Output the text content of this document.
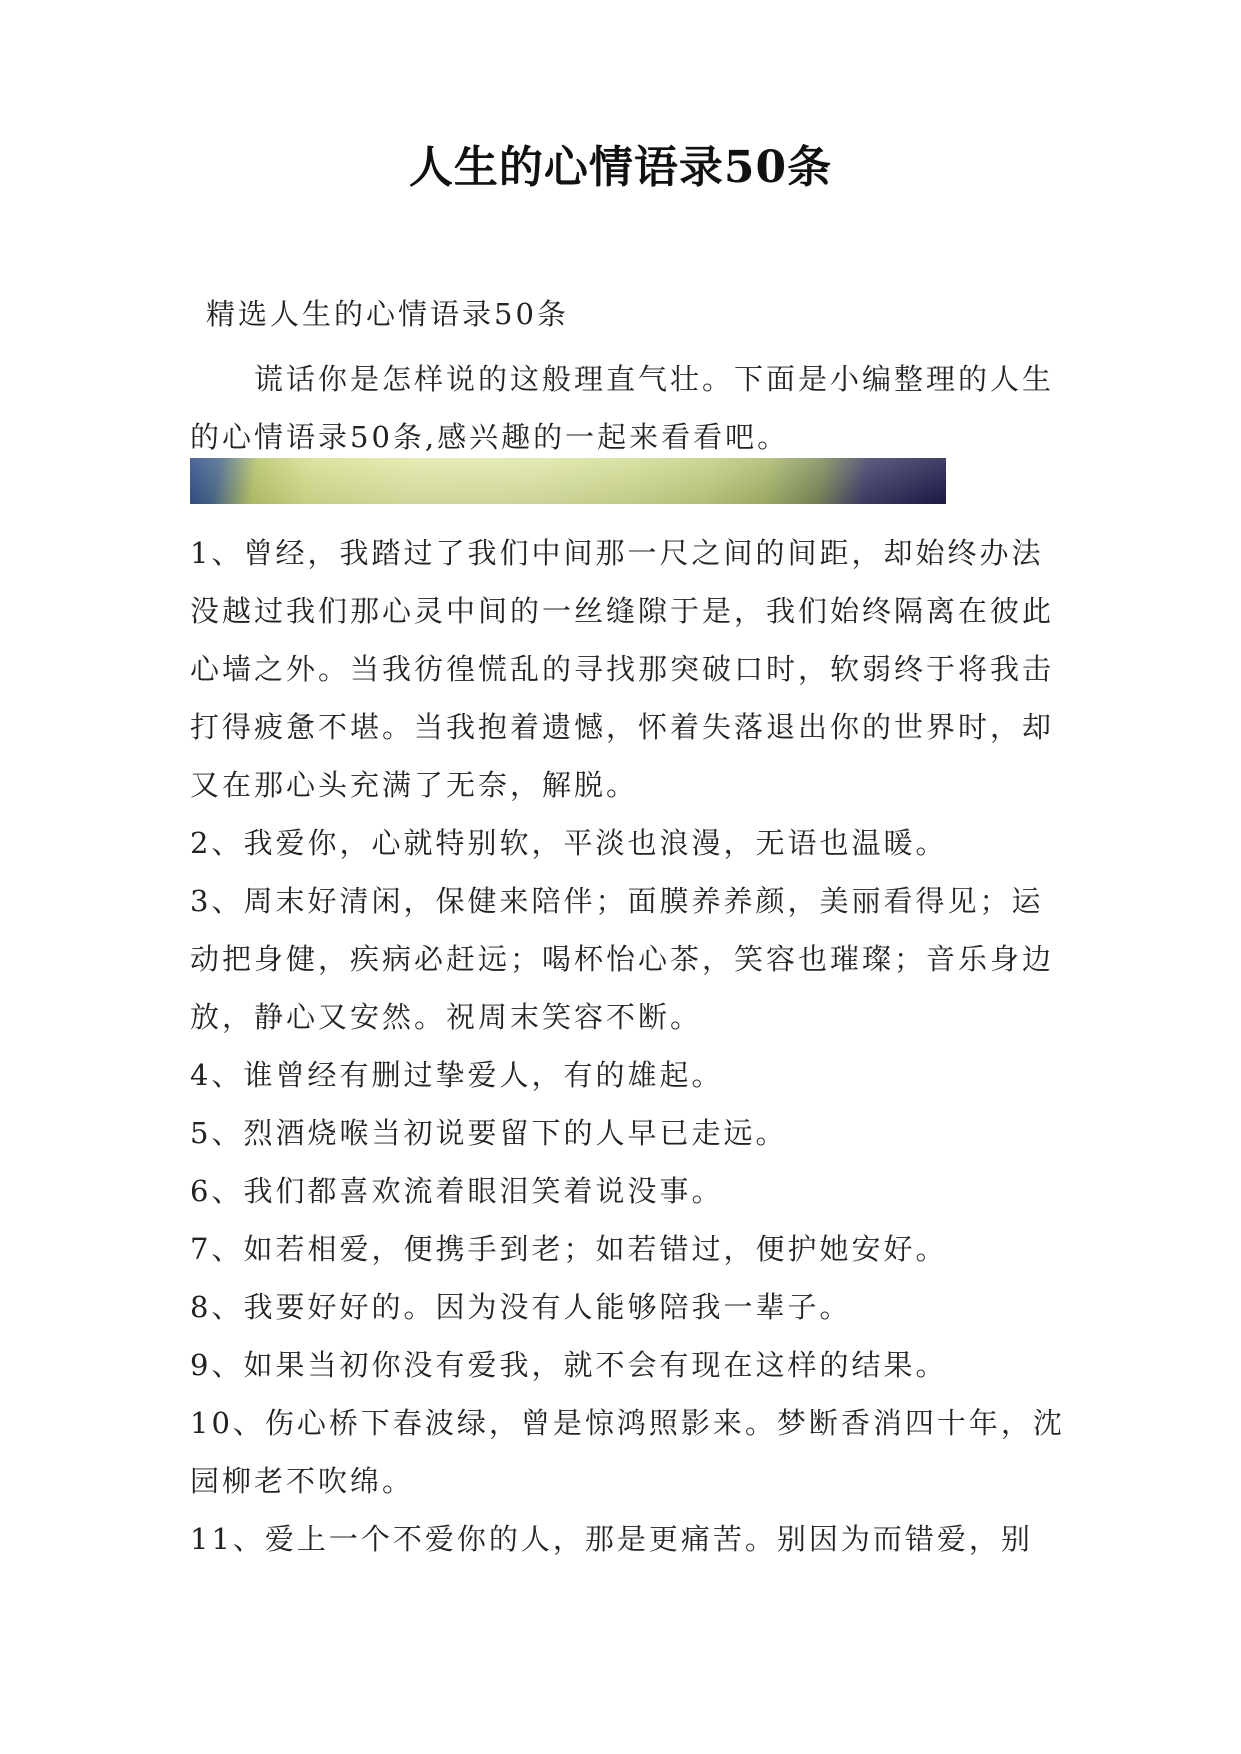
人生的心情语录50条
精选人生的心情语录50条

谎话你是怎样说的这般理直气壮。下面是小编整理的人生的心情语录50条,感兴趣的一起来看看吧。

1、曾经，我踏过了我们中间那一尺之间的间距，却始终办法没越过我们那心灵中间的一丝缝隙于是，我们始终隔离在彼此心墙之外。当我彷徨慌乱的寻找那突破口时，软弱终于将我击打得疲惫不堪。当我抱着遗憾，怀着失落退出你的世界时，却又在那心头充满了无奈，解脱。
2、我爱你，心就特别软，平淡也浪漫，无语也温暖。
3、周末好清闲，保健来陪伴；面膜养养颜，美丽看得见；运动把身健，疾病必赶远；喝杯怡心茶，笑容也璀璨；音乐身边放，静心又安然。祝周末笑容不断。
4、谁曾经有删过挚爱人，有的雄起。
5、烈酒烧喉当初说要留下的人早已走远。
6、我们都喜欢流着眼泪笑着说没事。
7、如若相爱，便携手到老；如若错过，便护她安好。
8、我要好好的。因为没有人能够陪我一辈子。
9、如果当初你没有爱我，就不会有现在这样的结果。
10、伤心桥下春波绿，曾是惊鸿照影来。梦断香消四十年，沈园柳老不吹绵。
11、爱上一个不爱你的人，那是更痛苦。别因为而错爱，别
